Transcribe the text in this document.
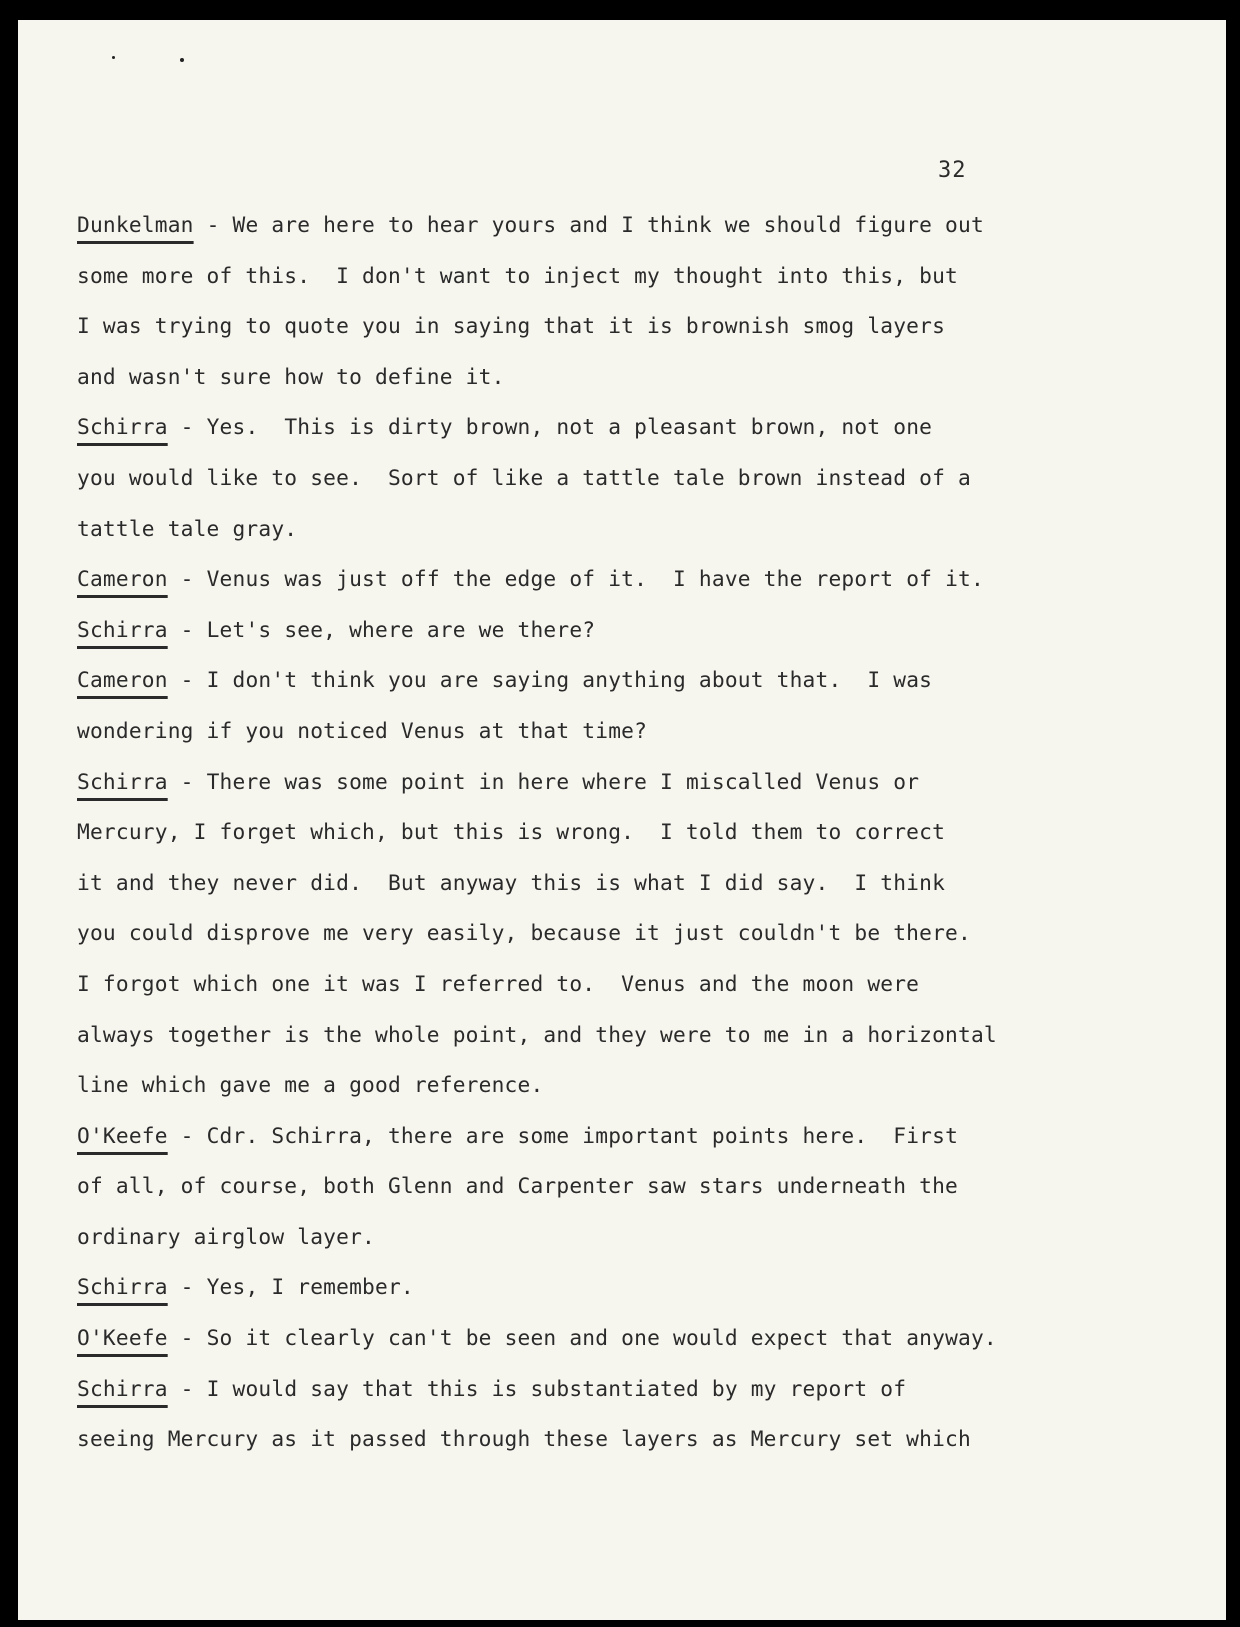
32
Dunkelman - We are here to hear yours and I think we should figure out
some more of this.  I don't want to inject my thought into this, but
I was trying to quote you in saying that it is brownish smog layers
and wasn't sure how to define it.
Schirra - Yes.  This is dirty brown, not a pleasant brown, not one
you would like to see.  Sort of like a tattle tale brown instead of a
tattle tale gray.
Cameron - Venus was just off the edge of it.  I have the report of it.
Schirra - Let's see, where are we there?
Cameron - I don't think you are saying anything about that.  I was
wondering if you noticed Venus at that time?
Schirra - There was some point in here where I miscalled Venus or
Mercury, I forget which, but this is wrong.  I told them to correct
it and they never did.  But anyway this is what I did say.  I think
you could disprove me very easily, because it just couldn't be there.
I forgot which one it was I referred to.  Venus and the moon were
always together is the whole point, and they were to me in a horizontal
line which gave me a good reference.
O'Keefe - Cdr. Schirra, there are some important points here.  First
of all, of course, both Glenn and Carpenter saw stars underneath the
ordinary airglow layer.
Schirra - Yes, I remember.
O'Keefe - So it clearly can't be seen and one would expect that anyway.
Schirra - I would say that this is substantiated by my report of
seeing Mercury as it passed through these layers as Mercury set which
